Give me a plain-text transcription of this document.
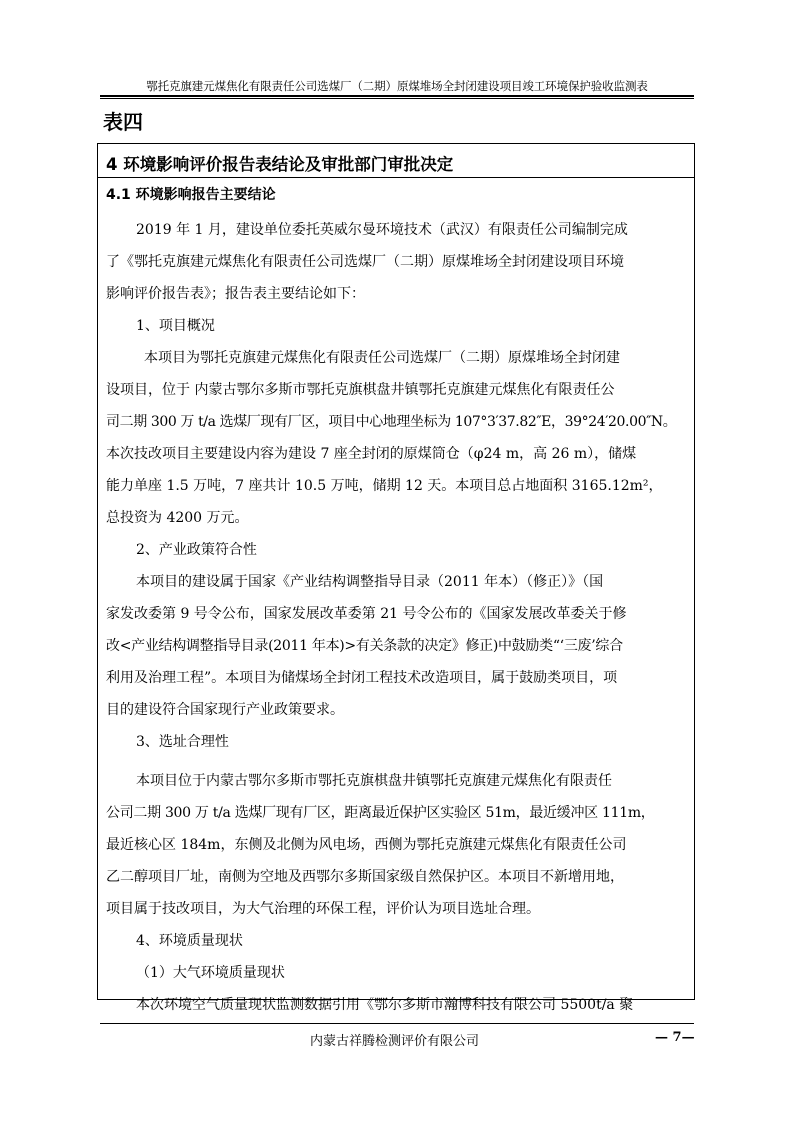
鄂托克旗建元煤焦化有限责任公司选煤厂（二期）原煤堆场全封闭建设项目竣工环境保护验收监测表
表四
4 环境影响评价报告表结论及审批部门审批决定
4.1 环境影响报告主要结论
2019 年 1 月，建设单位委托英威尔曼环境技术（武汉）有限责任公司编制完成
了《鄂托克旗建元煤焦化有限责任公司选煤厂（二期）原煤堆场全封闭建设项目环境
影响评价报告表》；报告表主要结论如下：
1、项目概况
本项目为鄂托克旗建元煤焦化有限责任公司选煤厂（二期）原煤堆场全封闭建
设项目，位于 内蒙古鄂尔多斯市鄂托克旗棋盘井镇鄂托克旗建元煤焦化有限责任公
司二期 300 万 t/a 选煤厂现有厂区，项目中心地理坐标为 107°3′37.82″E，39°24′20.00″N。
本次技改项目主要建设内容为建设 7 座全封闭的原煤筒仓（φ24 m，高 26 m），储煤
能力单座 1.5 万吨，7 座共计 10.5 万吨，储期 12 天。本项目总占地面积 3165.12m²，
总投资为 4200 万元。
2、产业政策符合性
本项目的建设属于国家《产业结构调整指导目录（2011 年本）（修正）》（国
家发改委第 9 号令公布，国家发展改革委第 21 号令公布的《国家发展改革委关于修
改<产业结构调整指导目录(2011 年本)>有关条款的决定》修正)中鼓励类“‘三废’综合
利用及治理工程”。本项目为储煤场全封闭工程技术改造项目，属于鼓励类项目，项
目的建设符合国家现行产业政策要求。
3、选址合理性
本项目位于内蒙古鄂尔多斯市鄂托克旗棋盘井镇鄂托克旗建元煤焦化有限责任
公司二期 300 万 t/a 选煤厂现有厂区，距离最近保护区实验区 51m，最近缓冲区 111m，
最近核心区 184m，东侧及北侧为风电场，西侧为鄂托克旗建元煤焦化有限责任公司
乙二醇项目厂址，南侧为空地及西鄂尔多斯国家级自然保护区。本项目不新增用地，
项目属于技改项目，为大气治理的环保工程，评价认为项目选址合理。
4、环境质量现状
（1）大气环境质量现状
本次环境空气质量现状监测数据引用《鄂尔多斯市瀚博科技有限公司 5500t/a 聚
内蒙古祥腾检测评价有限公司	— 7—
